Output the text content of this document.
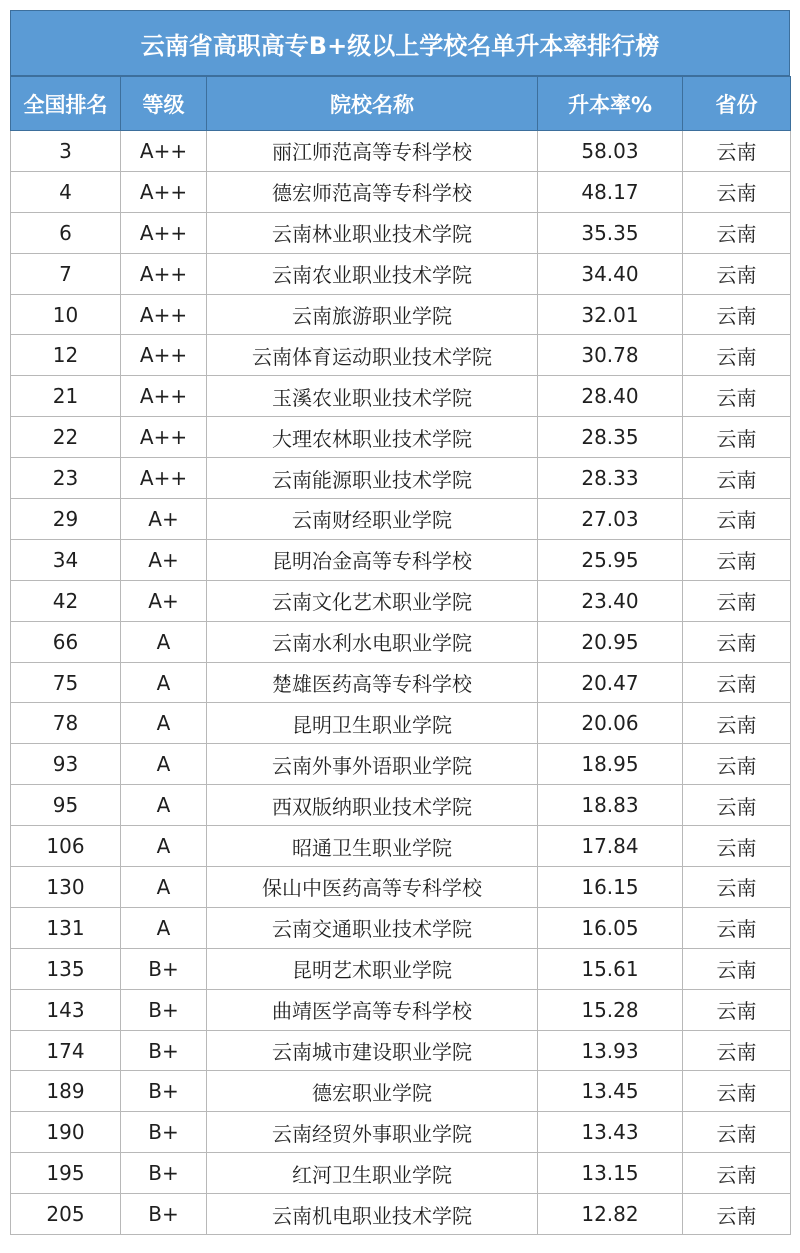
云南省高职高专B+级以上学校名单升本率排行榜
全国排名	等级	院校名称	升本率%	省份
3	A++	丽江师范高等专科学校	58.03	云南
4	A++	德宏师范高等专科学校	48.17	云南
6	A++	云南林业职业技术学院	35.35	云南
7	A++	云南农业职业技术学院	34.40	云南
10	A++	云南旅游职业学院	32.01	云南
12	A++	云南体育运动职业技术学院	30.78	云南
21	A++	玉溪农业职业技术学院	28.40	云南
22	A++	大理农林职业技术学院	28.35	云南
23	A++	云南能源职业技术学院	28.33	云南
29	A+	云南财经职业学院	27.03	云南
34	A+	昆明冶金高等专科学校	25.95	云南
42	A+	云南文化艺术职业学院	23.40	云南
66	A	云南水利水电职业学院	20.95	云南
75	A	楚雄医药高等专科学校	20.47	云南
78	A	昆明卫生职业学院	20.06	云南
93	A	云南外事外语职业学院	18.95	云南
95	A	西双版纳职业技术学院	18.83	云南
106	A	昭通卫生职业学院	17.84	云南
130	A	保山中医药高等专科学校	16.15	云南
131	A	云南交通职业技术学院	16.05	云南
135	B+	昆明艺术职业学院	15.61	云南
143	B+	曲靖医学高等专科学校	15.28	云南
174	B+	云南城市建设职业学院	13.93	云南
189	B+	德宏职业学院	13.45	云南
190	B+	云南经贸外事职业学院	13.43	云南
195	B+	红河卫生职业学院	13.15	云南
205	B+	云南机电职业技术学院	12.82	云南
